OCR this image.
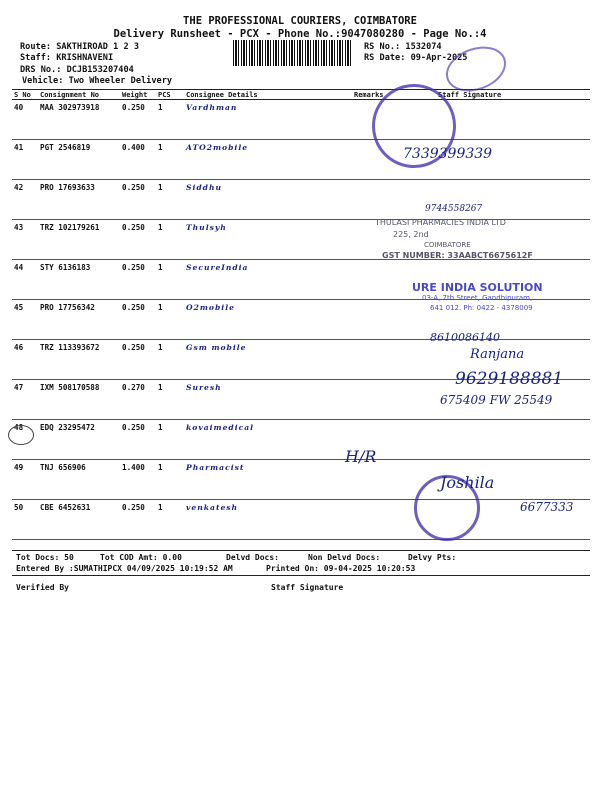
THE PROFESSIONAL COURIERS, COIMBATORE
Delivery Runsheet - PCX - Phone No.:9047080280 - Page No.:4
Route: SAKTHIROAD 1 2 3
Staff: KRISHNAVENI
DRS No.: DCJB153207404
Vehicle: Two Wheeler Delivery
RS No.: 1532074
RS Date: 09-Apr-2025
S No	Consignment No	Weight	PCS	Consignee Details	Remarks	Staff Signature
40	MAA 302973918	0.250	1	Vardhman		
41	PGT 2546819	0.400	1	ATO2mobile		
42	PRO 17693633	0.250	1	Siddhu		
43	TRZ 102179261	0.250	1	Thulsyh		
44	STY 6136183	0.250	1	SecureIndia		
45	PRO 17756342	0.250	1	O2mobile		
46	TRZ 113393672	0.250	1	Gsm mobile		
47	IXM 508170588	0.270	1	Suresh		
48	EDQ 23295472	0.250	1	kovaimedical		
49	TNJ 656906	1.400	1	Pharmacist		
50	CBE 6452631	0.250	1	venkatesh		
7339399339
9744558267
THULASI PHARMACIES INDIA LTD
225, 2nd
COIMBATORE
GST NUMBER: 33AABCT6675612F
URE INDIA SOLUTION
03-A, 7th Street, Gandhipuram,
641 012. Ph: 0422 - 4378009
8610086140
Ranjana
9629188881
675409 FW 25549
H/R
Joshila
6677333
Tot Docs: 50	Tot COD Amt: 0.00	Delvd Docs:	Non Delvd Docs:	Delvy Pts:
Entered By :SUMATHIPCX 04/09/2025 10:19:52 AM	Printed On: 09-04-2025 10:20:53
Verified By	Staff Signature
